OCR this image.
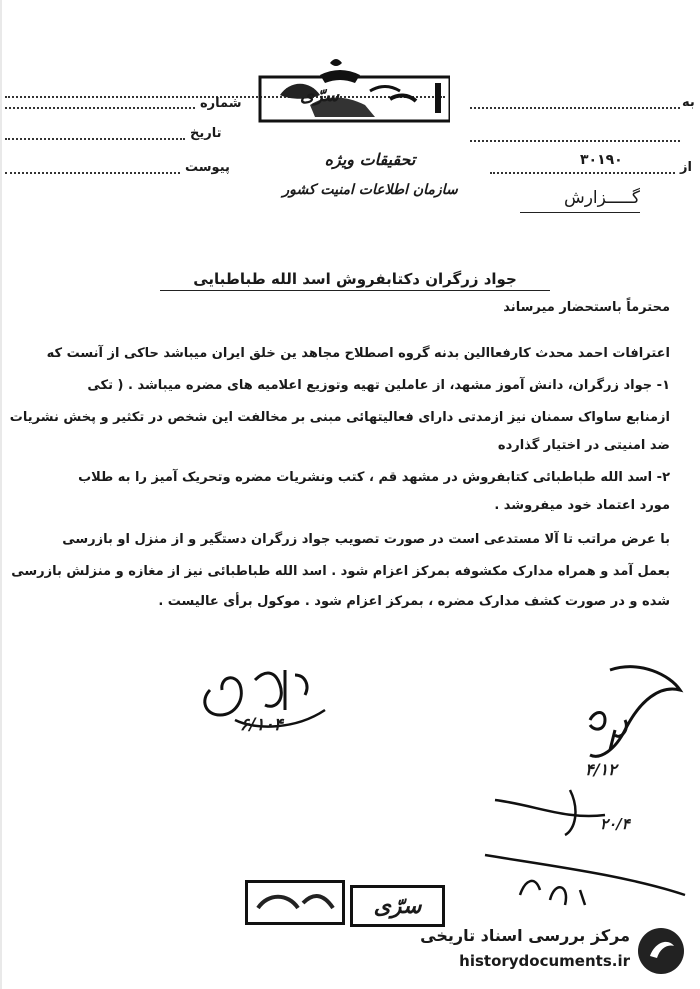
شماره
تاریخ
پیوست
به
از
۳۰۱۹۰
سرّی
تحقیقات ویژه
سازمان اطلاعات امنیت کشور	گـــــزارش
جواد زرگران دکتابفروش اسد الله طباطبایی
محترماً باستحضار میرساند
اعترافات احمد محدث کارفعاالین بدنه گروه اصطلاح مجاهد ین خلق ایران میباشد حاکی از آنست که
۱- جواد زرگران، دانش آموز مشهد، از عاملین تهیه وتوزیع اعلامیه های مضره میباشد . ( تکی
ازمنابع ساواک سمنان نیز ازمدتی دارای فعالیتهائی مبنی بر مخالفت این شخص در تکثیر و پخش نشریات
ضد امنیتی در اختیار گذارده
۲- اسد الله طباطبائی کتابفروش در مشهد قم ، کتب ونشریات مضره وتحریک آمیز را به طلاب
مورد اعتماد خود میفروشد .
با عرض مراتب تا آلا مستدعی است در صورت تصویب جواد زرگران دستگیر و از منزل او بازرسی
بعمل آمد و همراه مدارک مکشوفه بمرکز اعزام شود . اسد الله طباطبائی نیز از مغازه و منزلش بازرسی
شده و در صورت کشف مدارک مضره ، بمرکز اعزام شود . موکول برأی عالیست .
۶/۱۰۴
۴/۱۲
۲۰/۴
سرّی
مرکز بررسی اسناد تاریخی
historydocuments.ir
